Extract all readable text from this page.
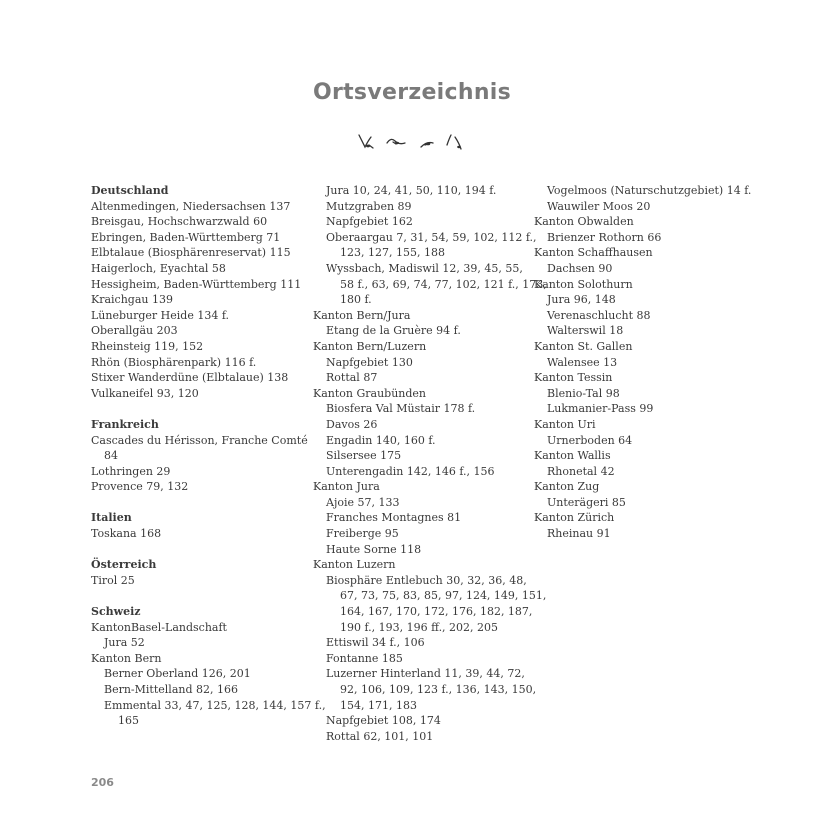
Ortsverzeichnis
Deutschland
Altenmedingen, Niedersachsen 137
Breisgau, Hochschwarzwald 60
Ebringen, Baden-Württemberg 71
Elbtalaue (Biosphärenreservat) 115
Haigerloch, Eyachtal 58
Hessigheim, Baden-Württemberg 111
Kraichgau 139
Lüneburger Heide 134 f.
Oberallgäu 203
Rheinsteig 119, 152
Rhön (Biosphärenpark) 116 f.
Stixer Wanderdüne (Elbtalaue) 138
Vulkaneifel 93, 120
Frankreich
Cascades du Hérisson, Franche Comté
84
Lothringen 29
Provence 79, 132
Italien
Toskana 168
Österreich
Tirol 25
Schweiz
KantonBasel-Landschaft
Jura 52
Kanton Bern
Berner Oberland 126, 201
Bern-Mittelland 82, 166
Emmental 33, 47, 125, 128, 144, 157 f.,
165
Jura 10, 24, 41, 50, 110, 194 f.
Mutzgraben 89
Napfgebiet 162
Oberaargau 7, 31, 54, 59, 102, 112 f.,
123, 127, 155, 188
Wyssbach, Madiswil 12, 39, 45, 55,
58 f., 63, 69, 74, 77, 102, 121 f., 173,
180 f.
Kanton Bern/Jura
Etang de la Gruère 94 f.
Kanton Bern/Luzern
Napfgebiet 130
Rottal 87
Kanton Graubünden
Biosfera Val Müstair 178 f.
Davos 26
Engadin 140, 160 f.
Silsersee 175
Unterengadin 142, 146 f., 156
Kanton Jura
Ajoie 57, 133
Franches Montagnes 81
Freiberge 95
Haute Sorne 118
Kanton Luzern
Biosphäre Entlebuch 30, 32, 36, 48,
67, 73, 75, 83, 85, 97, 124, 149, 151,
164, 167, 170, 172, 176, 182, 187,
190 f., 193, 196 ff., 202, 205
Ettiswil 34 f., 106
Fontanne 185
Luzerner Hinterland 11, 39, 44, 72,
92, 106, 109, 123 f., 136, 143, 150,
154, 171, 183
Napfgebiet 108, 174
Rottal 62, 101, 101
Vogelmoos (Naturschutzgebiet) 14 f.
Wauwiler Moos 20
Kanton Obwalden
Brienzer Rothorn 66
Kanton Schaffhausen
Dachsen 90
Kanton Solothurn
Jura 96, 148
Verenaschlucht 88
Walterswil 18
Kanton St. Gallen
Walensee 13
Kanton Tessin
Blenio-Tal 98
Lukmanier-Pass 99
Kanton Uri
Urnerboden 64
Kanton Wallis
Rhonetal 42
Kanton Zug
Unterägeri 85
Kanton Zürich
Rheinau 91
206
